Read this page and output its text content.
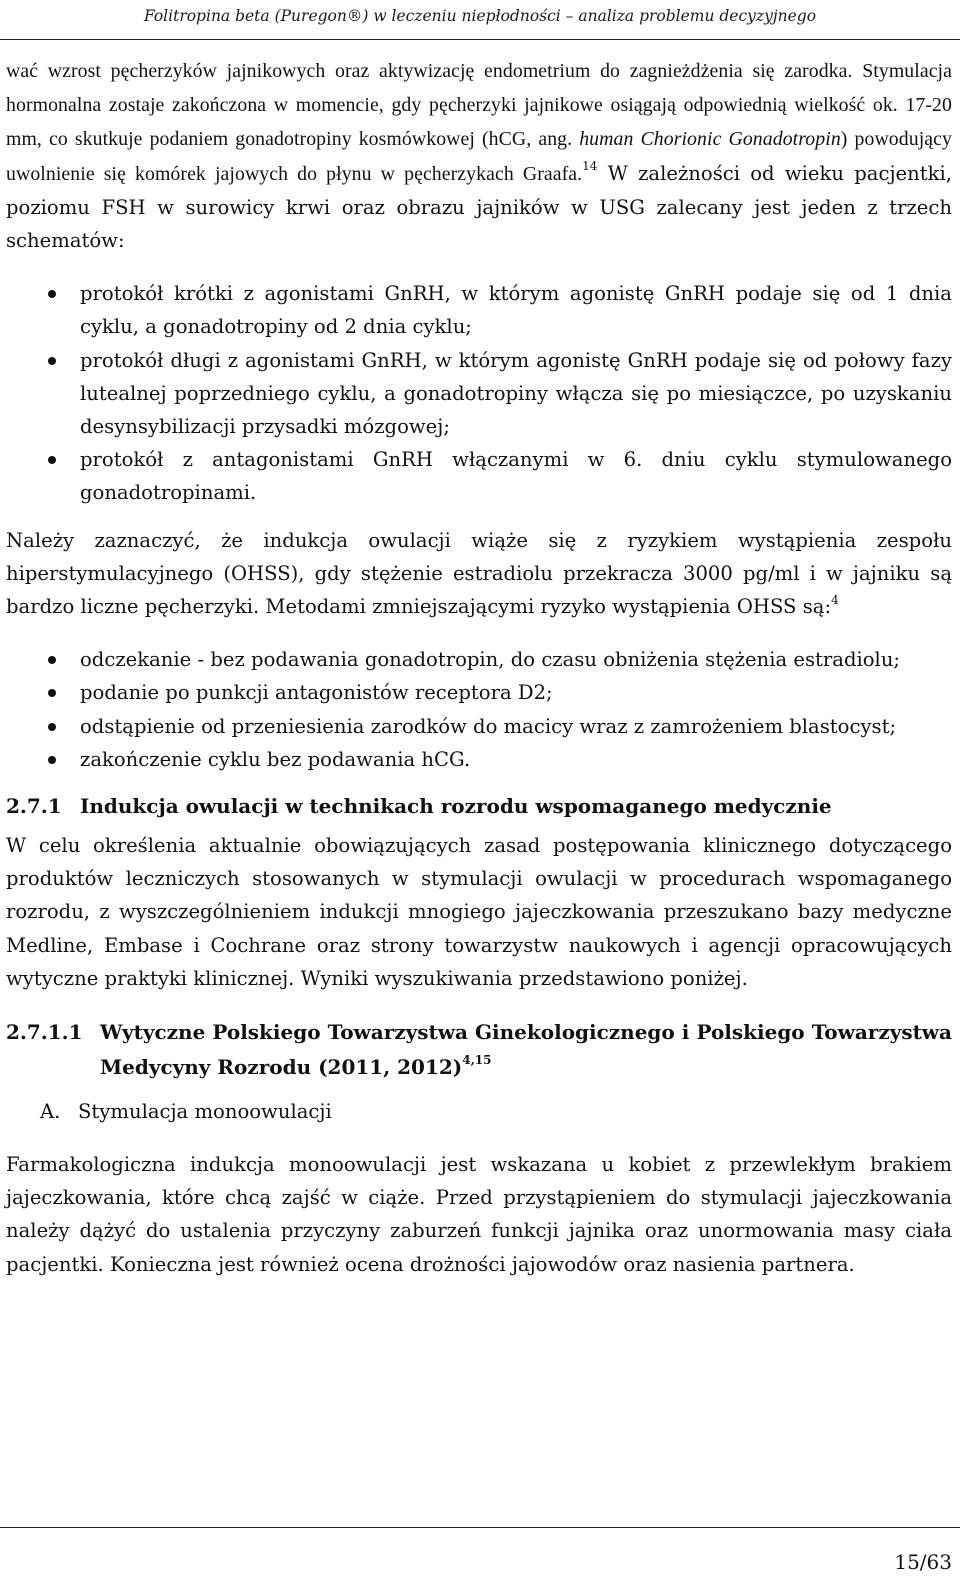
Folitropina beta (Puregon®) w leczeniu niepłodności – analiza problemu decyzyjnego

wać wzrost pęcherzyków jajnikowych oraz aktywizację endometrium do zagnieżdżenia się zarodka. Stymulacja hormonalna zostaje zakończona w momencie, gdy pęcherzyki jajnikowe osiągają odpowiednią wielkość ok. 17-20 mm, co skutkuje podaniem gonadotropiny kosmówkowej (hCG, ang. human Chorionic Gonadotropin) powodujący uwolnienie się komórek jajowych do płynu w pęcherzykach Graafa.$^{14}$ W zależności od wieku pacjentki, poziomu FSH w surowicy krwi oraz obrazu jajników w USG zalecany jest jeden z trzech schematów:

protokół krótki z agonistami GnRH, w którym agonistę GnRH podaje się od 1 dnia cyklu, a gonadotropiny od 2 dnia cyklu;
protokół długi z agonistami GnRH, w którym agonistę GnRH podaje się od połowy fazy lutealnej poprzedniego cyklu, a gonadotropiny włącza się po miesiączce, po uzyskaniu desynsybilizacji przysadki mózgowej;
protokół z antagonistami GnRH włączanymi w 6. dniu cyklu stymulowanego gonadotropinami.

Należy zaznaczyć, że indukcja owulacji wiąże się z ryzykiem wystąpienia zespołu hiperstymulacyjnego (OHSS), gdy stężenie estradiolu przekracza 3000 pg/ml i w jajniku są bardzo liczne pęcherzyki. Metodami zmniejszającymi ryzyko wystąpienia OHSS są:$^4$

odczekanie - bez podawania gonadotropin, do czasu obniżenia stężenia estradiolu;
podanie po punkcji antagonistów receptora D2;
odstąpienie od przeniesienia zarodków do macicy wraz z zamrożeniem blastocyst;
zakończenie cyklu bez podawania hCG.
2.7.1 Indukcja owulacji w technikach rozrodu wspomaganego medycznie

W celu określenia aktualnie obowiązujących zasad postępowania klinicznego dotyczącego produktów leczniczych stosowanych w stymulacji owulacji w procedurach wspomaganego rozrodu, z wyszczególnieniem indukcji mnogiego jajeczkowania przeszukano bazy medyczne Medline, Embase i Cochrane oraz strony towarzystw naukowych i agencji opracowujących wytyczne praktyki klinicznej. Wyniki wyszukiwania przedstawiono poniżej.

2.7.1.1 Wytyczne Polskiego Towarzystwa Ginekologicznego i Polskiego Towarzystwa Medycyny Rozrodu (2011, 2012)$^{4,15}$
A. Stymulacja monoowulacji

Farmakologiczna indukcja monoowulacji jest wskazana u kobiet z przewlekłym brakiem jajeczkowania, które chcą zajść w ciąże. Przed przystąpieniem do stymulacji jajeczkowania należy dążyć do ustalenia przyczyny zaburzeń funkcji jajnika oraz unormowania masy ciała pacjentki. Konieczna jest również ocena drożności jajowodów oraz nasienia partnera.

15/63
